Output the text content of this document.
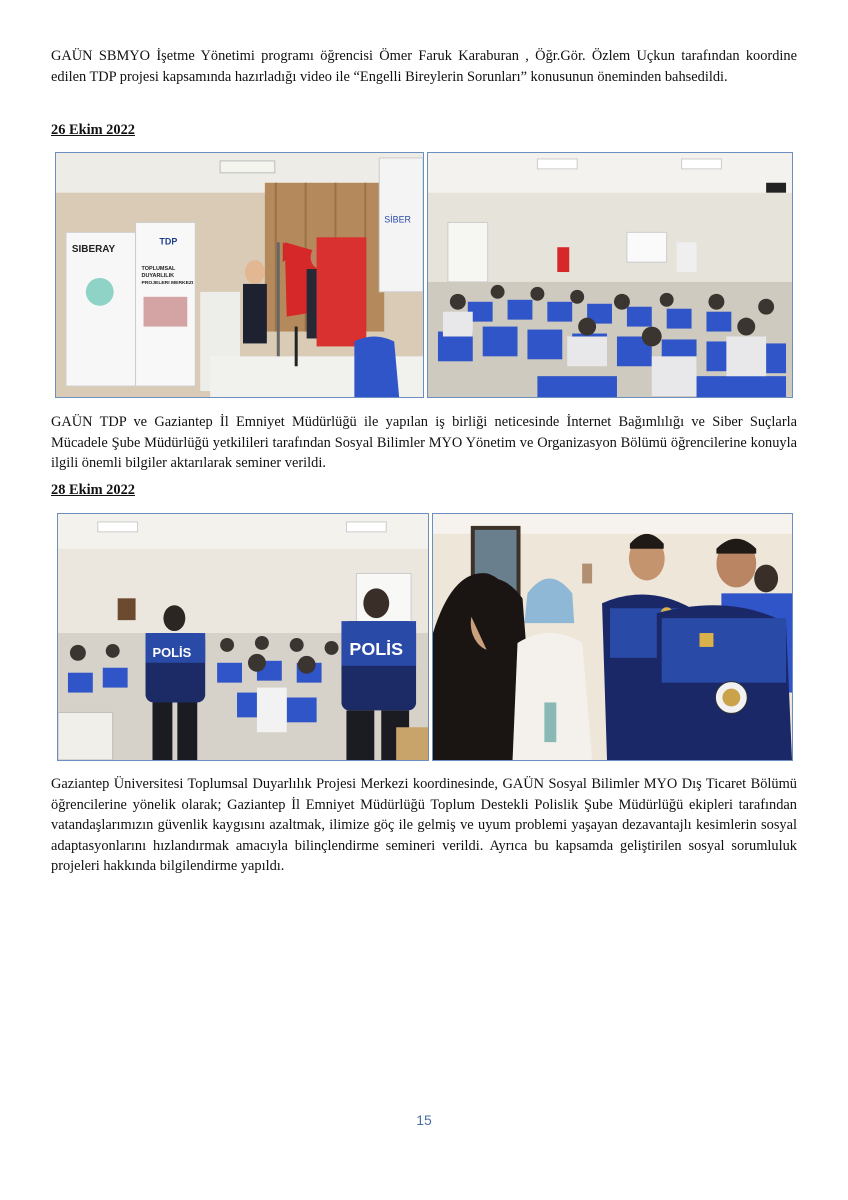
GAÜN SBMYO İşetme Yönetimi programı öğrencisi Ömer Faruk Karaburan , Öğr.Gör. Özlem Uçkun tarafından koordine edilen TDP projesi kapsamında hazırladığı video ile “Engelli Bireylerin Sorunları” konusunun öneminden bahsedildi.

26 Ekim 2022

SİBER
SIBERAY
TDP
TOPLUMSAL
DUYARLILIK
PROJELERI MERKEZI

GAÜN TDP ve Gaziantep İl Emniyet Müdürlüğü ile yapılan iş birliği neticesinde İnternet Bağımlılığı ve Siber Suçlarla Mücadele Şube Müdürlüğü yetkilileri tarafından Sosyal Bilimler MYO Yönetim ve Organizasyon Bölümü öğrencilerine konuyla ilgili önemli bilgiler aktarılarak seminer verildi.

28 Ekim 2022

POLİS	POLİS

Gaziantep Üniversitesi Toplumsal Duyarlılık Projesi Merkezi koordinesinde, GAÜN Sosyal Bilimler MYO Dış Ticaret Bölümü öğrencilerine yönelik olarak; Gaziantep İl Emniyet Müdürlüğü Toplum Destekli Polislik Şube Müdürlüğü ekipleri tarafından vatandaşlarımızın güvenlik kaygısını azaltmak, ilimize göç ile gelmiş ve uyum problemi yaşayan dezavantajlı kesimlerin sosyal adaptasyonlarını hızlandırmak amacıyla bilinçlendirme semineri verildi. Ayrıca bu kapsamda geliştirilen sosyal sorumluluk projeleri hakkında bilgilendirme yapıldı.

15
